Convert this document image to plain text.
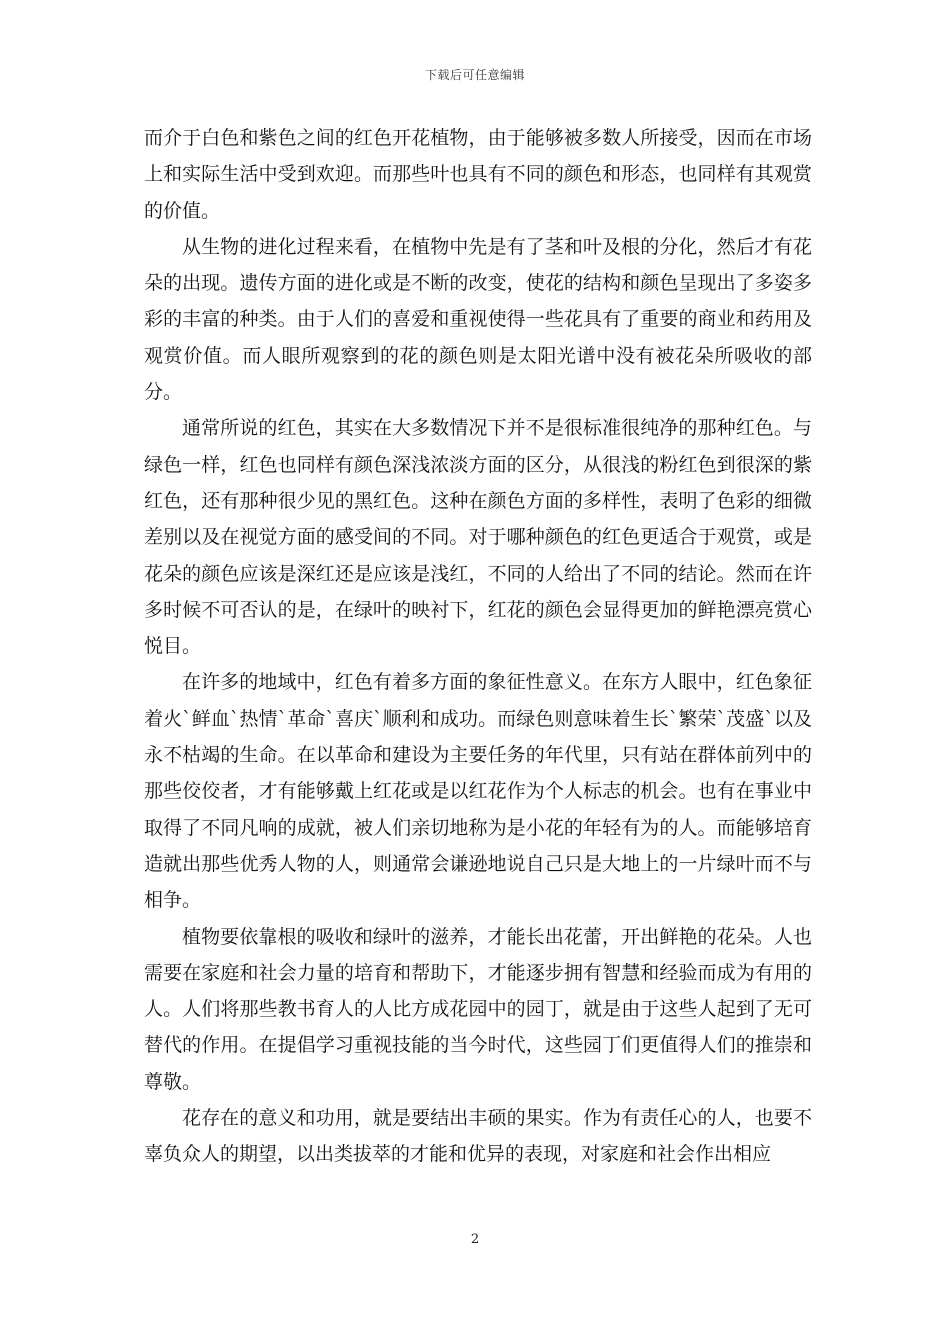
下载后可任意编辑

而介于白色和紫色之间的红色开花植物，由于能够被多数人所接受，因而在市场上和实际生活中受到欢迎。而那些叶也具有不同的颜色和形态，也同样有其观赏的价值。

从生物的进化过程来看，在植物中先是有了茎和叶及根的分化，然后才有花朵的出现。遗传方面的进化或是不断的改变，使花的结构和颜色呈现出了多姿多彩的丰富的种类。由于人们的喜爱和重视使得一些花具有了重要的商业和药用及观赏价值。而人眼所观察到的花的颜色则是太阳光谱中没有被花朵所吸收的部分。

通常所说的红色，其实在大多数情况下并不是很标准很纯净的那种红色。与绿色一样，红色也同样有颜色深浅浓淡方面的区分，从很浅的粉红色到很深的紫红色，还有那种很少见的黑红色。这种在颜色方面的多样性，表明了色彩的细微差别以及在视觉方面的感受间的不同。对于哪种颜色的红色更适合于观赏，或是花朵的颜色应该是深红还是应该是浅红，不同的人给出了不同的结论。然而在许多时候不可否认的是，在绿叶的映衬下，红花的颜色会显得更加的鲜艳漂亮赏心悦目。

在许多的地域中，红色有着多方面的象征性意义。在东方人眼中，红色象征着火`鲜血`热情`革命`喜庆`顺利和成功。而绿色则意味着生长`繁荣`茂盛`以及永不枯竭的生命。在以革命和建设为主要任务的年代里，只有站在群体前列中的那些佼佼者，才有能够戴上红花或是以红花作为个人标志的机会。也有在事业中取得了不同凡响的成就，被人们亲切地称为是小花的年轻有为的人。而能够培育造就出那些优秀人物的人，则通常会谦逊地说自己只是大地上的一片绿叶而不与相争。

植物要依靠根的吸收和绿叶的滋养，才能长出花蕾，开出鲜艳的花朵。人也需要在家庭和社会力量的培育和帮助下，才能逐步拥有智慧和经验而成为有用的人。人们将那些教书育人的人比方成花园中的园丁，就是由于这些人起到了无可替代的作用。在提倡学习重视技能的当今时代，这些园丁们更值得人们的推崇和尊敬。

花存在的意义和功用，就是要结出丰硕的果实。作为有责任心的人，也要不辜负众人的期望，以出类拔萃的才能和优异的表现，对家庭和社会作出相应

2
